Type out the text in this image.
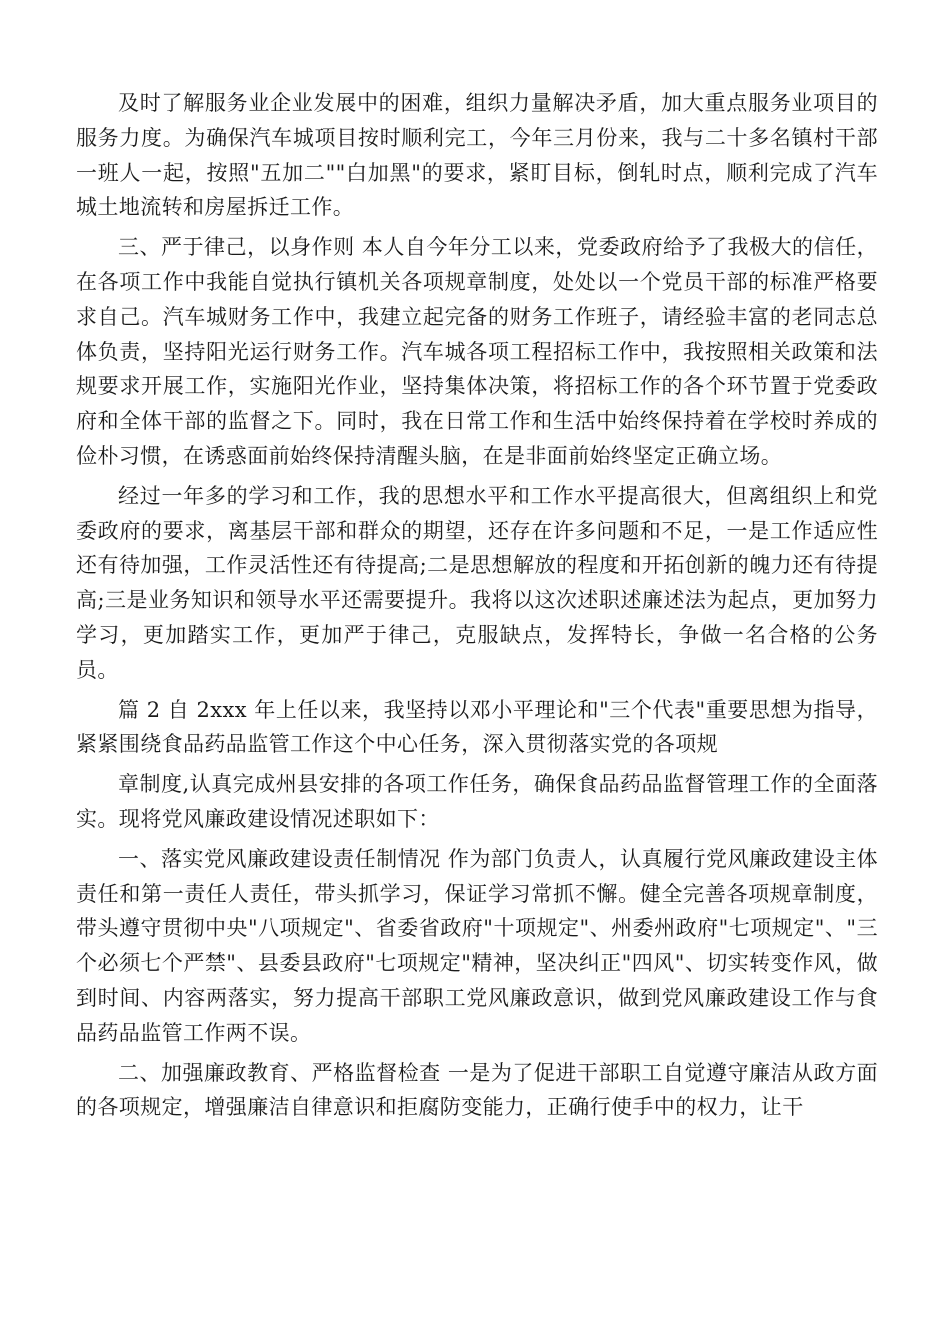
及时了解服务业企业发展中的困难，组织力量解决矛盾，加大重点服务业项目的服务力度。为确保汽车城项目按时顺利完工，今年三月份来，我与二十多名镇村干部一班人一起，按照"五加二""白加黑"的要求，紧盯目标，倒轧时点，顺利完成了汽车城土地流转和房屋拆迁工作。

三、严于律己，以身作则 本人自今年分工以来，党委政府给予了我极大的信任，在各项工作中我能自觉执行镇机关各项规章制度，处处以一个党员干部的标准严格要求自己。汽车城财务工作中，我建立起完备的财务工作班子，请经验丰富的老同志总体负责，坚持阳光运行财务工作。汽车城各项工程招标工作中，我按照相关政策和法规要求开展工作，实施阳光作业，坚持集体决策，将招标工作的各个环节置于党委政府和全体干部的监督之下。同时，我在日常工作和生活中始终保持着在学校时养成的俭朴习惯，在诱惑面前始终保持清醒头脑，在是非面前始终坚定正确立场。

经过一年多的学习和工作，我的思想水平和工作水平提高很大，但离组织上和党委政府的要求，离基层干部和群众的期望，还存在许多问题和不足，一是工作适应性还有待加强，工作灵活性还有待提高;二是思想解放的程度和开拓创新的魄力还有待提高;三是业务知识和领导水平还需要提升。我将以这次述职述廉述法为起点，更加努力学习，更加踏实工作，更加严于律己，克服缺点，发挥特长，争做一名合格的公务员。

篇 2 自 2xxx 年上任以来，我坚持以邓小平理论和"三个代表"重要思想为指导，紧紧围绕食品药品监管工作这个中心任务，深入贯彻落实党的各项规

章制度,认真完成州县安排的各项工作任务，确保食品药品监督管理工作的全面落实。现将党风廉政建设情况述职如下：

一、落实党风廉政建设责任制情况 作为部门负责人，认真履行党风廉政建设主体责任和第一责任人责任，带头抓学习，保证学习常抓不懈。健全完善各项规章制度，带头遵守贯彻中央"八项规定"、省委省政府"十项规定"、州委州政府"七项规定"、"三个必须七个严禁"、县委县政府"七项规定"精神，坚决纠正"四风"、切实转变作风，做到时间、内容两落实，努力提高干部职工党风廉政意识，做到党风廉政建设工作与食品药品监管工作两不误。

二、加强廉政教育、严格监督检查 一是为了促进干部职工自觉遵守廉洁从政方面的各项规定，增强廉洁自律意识和拒腐防变能力，正确行使手中的权力，让干
